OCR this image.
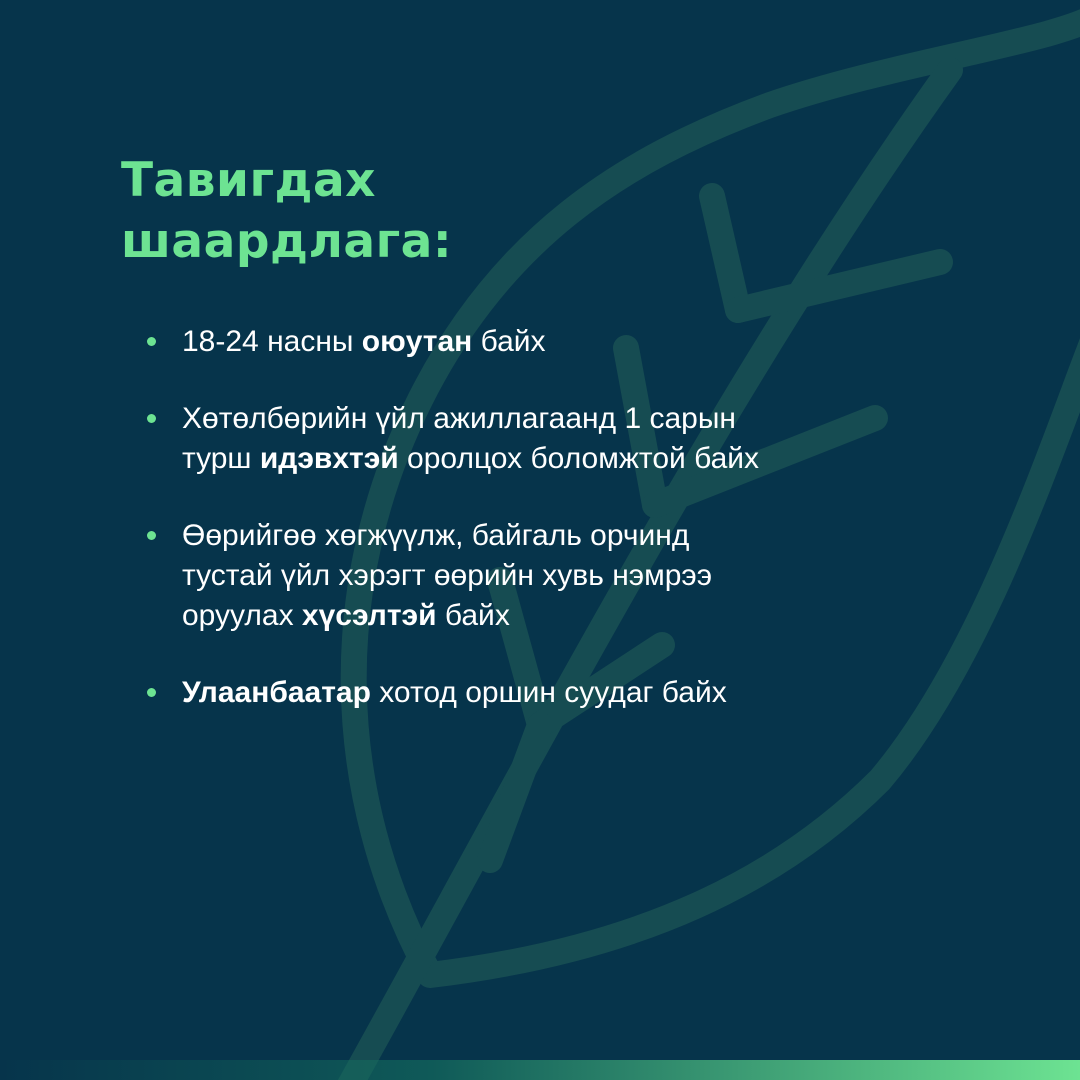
Тавигдах
шаардлага:
18-24 насны оюутан байх
Хөтөлбөрийн үйл ажиллагаанд 1 сарын
турш идэвхтэй оролцох боломжтой байх
Өөрийгөө хөгжүүлж, байгаль орчинд
тустай үйл хэрэгт өөрийн хувь нэмрээ
оруулах хүсэлтэй байх
Улаанбаатар хотод оршин суудаг байх
